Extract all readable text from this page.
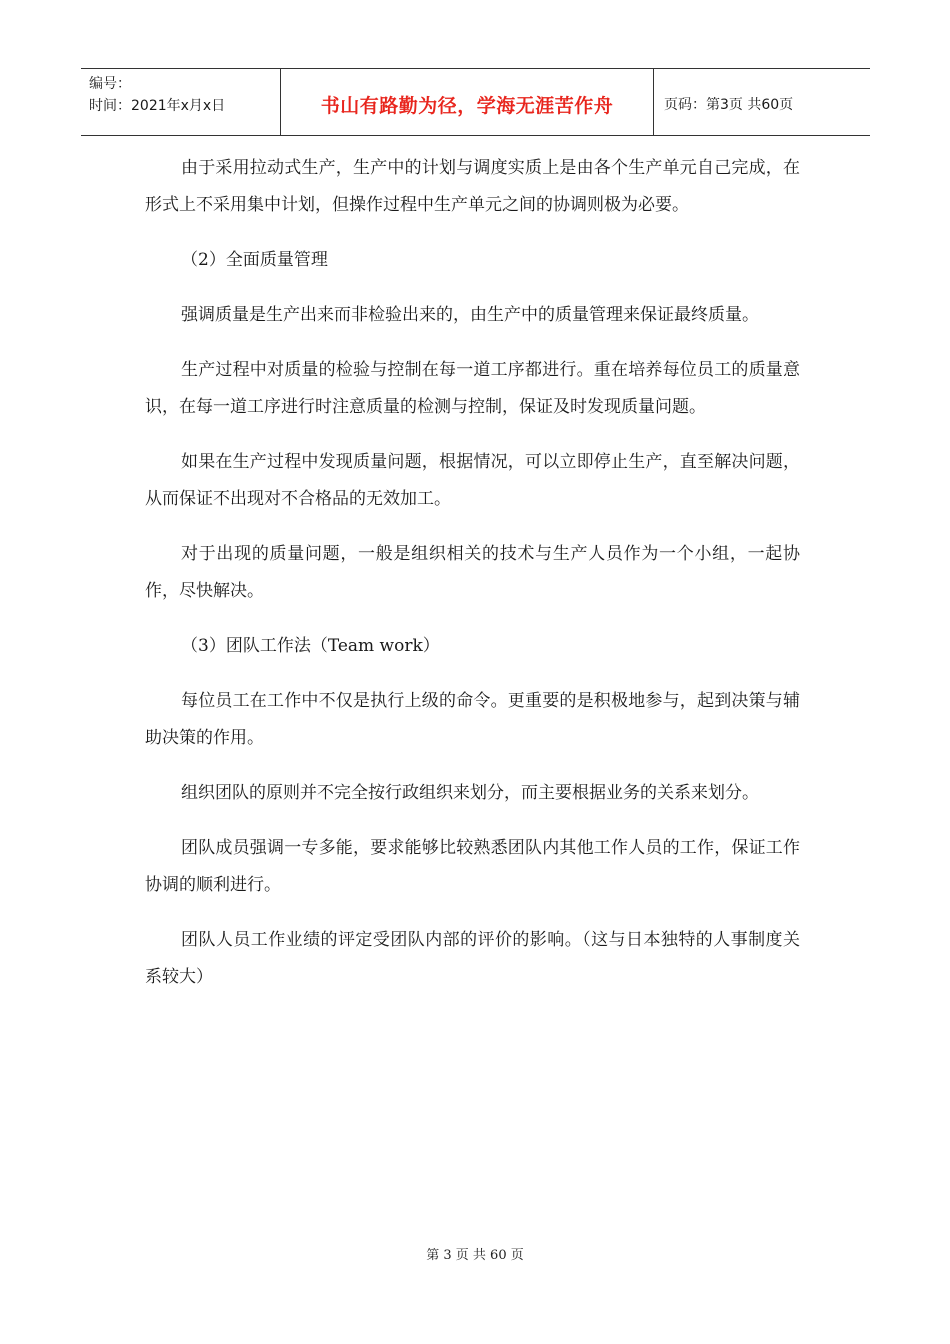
编号：
时间：2021年x月x日	书山有路勤为径，学海无涯苦作舟	页码：第3页 共60页

由于采用拉动式生产，生产中的计划与调度实质上是由各个生产单元自己完成，在形式上不采用集中计划，但操作过程中生产单元之间的协调则极为必要。

（2）全面质量管理

强调质量是生产出来而非检验出来的，由生产中的质量管理来保证最终质量。

生产过程中对质量的检验与控制在每一道工序都进行。重在培养每位员工的质量意识，在每一道工序进行时注意质量的检测与控制，保证及时发现质量问题。

如果在生产过程中发现质量问题，根据情况，可以立即停止生产，直至解决问题，从而保证不出现对不合格品的无效加工。

对于出现的质量问题，一般是组织相关的技术与生产人员作为一个小组，一起协作，尽快解决。

（3）团队工作法（Team work）

每位员工在工作中不仅是执行上级的命令。更重要的是积极地参与，起到决策与辅助决策的作用。

组织团队的原则并不完全按行政组织来划分，而主要根据业务的关系来划分。

团队成员强调一专多能，要求能够比较熟悉团队内其他工作人员的工作，保证工作协调的顺利进行。

团队人员工作业绩的评定受团队内部的评价的影响。（这与日本独特的人事制度关系较大）

第 3 页 共 60 页
